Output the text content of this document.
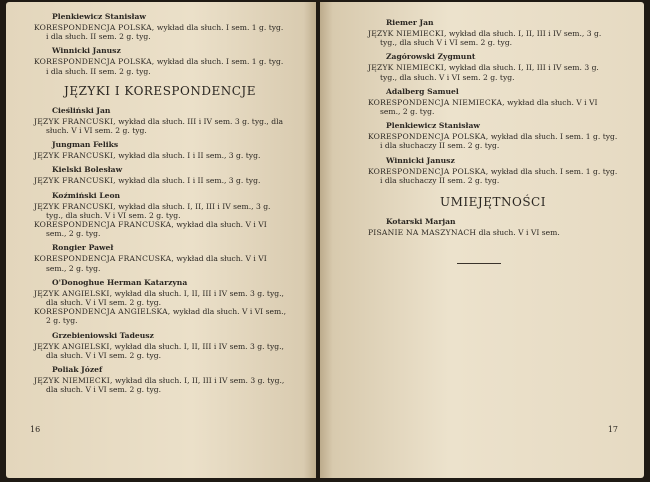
Plenkiewicz Stanisław
KORESPONDENCJA POLSKA, wykład dla słuch. I sem. 1 g. tyg. i dla słuch. II sem. 2 g. tyg.
Winnicki Janusz
KORESPONDENCJA POLSKA, wykład dla słuch. I sem. 1 g. tyg. i dla słuch. II sem. 2 g. tyg.
JĘZYKI I KORESPONDENCJE
Cieśliński Jan
JĘZYK FRANCUSKI, wykład dla słuch. III i IV sem. 3 g. tyg., dla słuch. V i VI sem. 2 g. tyg.
Jungman Feliks
JĘZYK FRANCUSKI, wykład dla słuch. I i II sem., 3 g. tyg.
Kielski Bolesław
JĘZYK FRANCUSKI, wykład dla słuch. I i II sem., 3 g. tyg.
Koźmiński Leon
JĘZYK FRANCUSKI, wykład dla słuch. I, II, III i IV sem., 3 g. tyg., dla słuch. V i VI sem. 2 g. tyg.
KORESPONDENCJA FRANCUSKA, wykład dla słuch. V i VI sem., 2 g. tyg.
Rongier Paweł
KORESPONDENCJA FRANCUSKA, wykład dla słuch. V i VI sem., 2 g. tyg.
O'Donoghue Herman Katarzyna
JĘZYK ANGIELSKI, wykład dla słuch. I, II, III i IV sem. 3 g. tyg., dla słuch. V i VI sem. 2 g. tyg.
KORESPONDENCJA ANGIELSKA, wykład dla słuch. V i VI sem., 2 g. tyg.
Grzebieniowski Tadeusz
JĘZYK ANGIELSKI, wykład dla słuch. I, II, III i IV sem. 3 g. tyg., dla słuch. V i VI sem. 2 g. tyg.
Poliak Józef
JĘZYK NIEMIECKI, wykład dla słuch. I, II, III i IV sem. 3 g. tyg., dla słuch. V i VI sem. 2 g. tyg.
16
Riemer Jan
JĘZYK NIEMIECKI, wykład dla słuch. I, II, III i IV sem., 3 g. tyg., dla słuch V i VI sem. 2 g. tyg.
Zagórowski Zygmunt
JĘZYK NIEMIECKI, wykład dla słuch. I, II, III i IV sem. 3 g. tyg., dla słuch. V i VI sem. 2 g. tyg.
Adalberg Samuel
KORESPONDENCJA NIEMIECKA, wykład dla słuch. V i VI sem., 2 g. tyg.
Plenkiewicz Stanisław
KORESPONDENCJA POLSKA, wykład dla słuch. I sem. 1 g. tyg. i dla słuchaczy II sem. 2 g. tyg.
Winnicki Janusz
KORESPONDENCJA POLSKA, wykład dla słuch. I sem. 1 g. tyg. i dla słuchaczy II sem. 2 g. tyg.
UMIEJĘTNOŚCI
Kotarski Marjan
PISANIE NA MASZYNACH dla słuch. V i VI sem.
17
